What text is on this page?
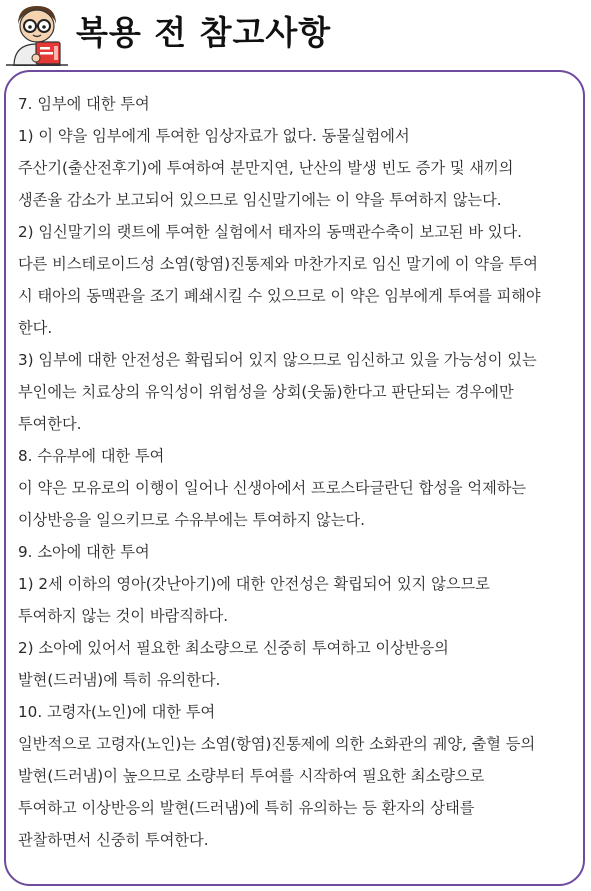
복용 전 참고사항
7. 임부에 대한 투여
1) 이 약을 임부에게 투여한 임상자료가 없다. 동물실험에서
주산기(출산전후기)에 투여하여 분만지연, 난산의 발생 빈도 증가 및 새끼의
생존율 감소가 보고되어 있으므로 임신말기에는 이 약을 투여하지 않는다.
2) 임신말기의 랫트에 투여한 실험에서 태자의 동맥관수축이 보고된 바 있다.
다른 비스테로이드성 소염(항염)진통제와 마찬가지로 임신 말기에 이 약을 투여
시 태아의 동맥관을 조기 폐쇄시킬 수 있으므로 이 약은 임부에게 투여를 피해야
한다.
3) 임부에 대한 안전성은 확립되어 있지 않으므로 임신하고 있을 가능성이 있는
부인에는 치료상의 유익성이 위험성을 상회(웃돎)한다고 판단되는 경우에만
투여한다.
8. 수유부에 대한 투여
이 약은 모유로의 이행이 일어나 신생아에서 프로스타글란딘 합성을 억제하는
이상반응을 일으키므로 수유부에는 투여하지 않는다.
9. 소아에 대한 투여
1) 2세 이하의 영아(갓난아기)에 대한 안전성은 확립되어 있지 않으므로
투여하지 않는 것이 바람직하다.
2) 소아에 있어서 필요한 최소량으로 신중히 투여하고 이상반응의
발현(드러냄)에 특히 유의한다.
10. 고령자(노인)에 대한 투여
일반적으로 고령자(노인)는 소염(항염)진통제에 의한 소화관의 궤양, 출혈 등의
발현(드러냄)이 높으므로 소량부터 투여를 시작하여 필요한 최소량으로
투여하고 이상반응의 발현(드러냄)에 특히 유의하는 등 환자의 상태를
관찰하면서 신중히 투여한다.
